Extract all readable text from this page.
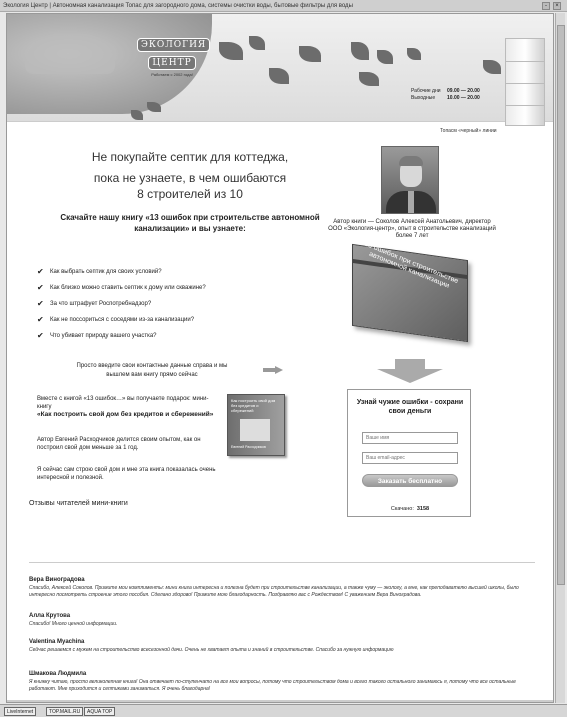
Экология Центр | Автономная канализация Топас для загородного дома, системы очистки воды, бытовые фильтры для воды	-	×
ЭКОЛОГИЯ
ЦЕНТР
Работаем с 2002 года!
Рабочие дни 09.00 — 20.00
Выходные 10.00 — 20.00
Топаcм «черный» линии
Не покупайте септик для коттеджа,
пока не узнаете, в чем ошибаются
8 строителей из 10
Скачайте нашу книгу «13 ошибок при строительстве автономной канализации» и вы узнаете:
✔ Как выбрать септик для своих условий?
✔ Как близко можно ставить септик к дому или скважине?
✔ За что штрафует Роспотребнадзор?
✔ Как не поссориться с соседями из-за канализации?
✔ Что убивает природу вашего участка?
Просто введите свои контактные данные справа и мы вышлем вам книгу прямо сейчас
Вместе с книгой «13 ошибок…» вы получаете подарок: мини-книгу
«Как построить свой дом без кредитов и сбережений»
Автор Евгений Расходчиков делится своим опытом, как он построил свой дом меньше за 1 год.
Я сейчас сам строю свой дом и мне эта книга показалась очень интересной и полезной.
Отзывы читателей мини-книги
Как построить свой дом без кредитов и сбережений
Евгений Расходчиков
Автор книги — Соколов Алексей Анатольевич, директор ООО «Экология-центр», опыт в строительстве канализаций более 7 лет
13 ошибок при строительстве автономной канализации
Узнай чужие ошибки - сохрани свои деньги
Ваше имя
Ваш email-адрес
Заказать бесплатно
Скачано: 3158
Вера Виноградова
Спасибо, Алексей Соколов. Примите мои комплименты: мини книга интересна и полезна будет при строительстве канализации, а также чуму — экологу, а мне, как преподавателю высшей школы, было интересно посмотреть строение этого пособия. Сделано здорово! Примите мою благодарность. Поздравляю вас с Рождеством! С уважением Вера Виноградова.
Алла Крутова
Спасибо! Много ценной информации.
Valentina Myachina
Сейчас решаемся с мужем на строительство всесезонной дачи. Очень не хватает опыта и знаний в строительстве. Спасибо за нужную информацию
Шмакова Людмила
Я книжку читаю, просто великолепная книга! Она отвечает по-ступенчато на все мои вопросы, потому что строительством дома и всего такого остального занимаюсь я, потому что все остальные работают. Мне приходится и септиками заниматься. Я очень благодарна!
LiveInternet	TOP.MAIL.RU	AQUA TOP
